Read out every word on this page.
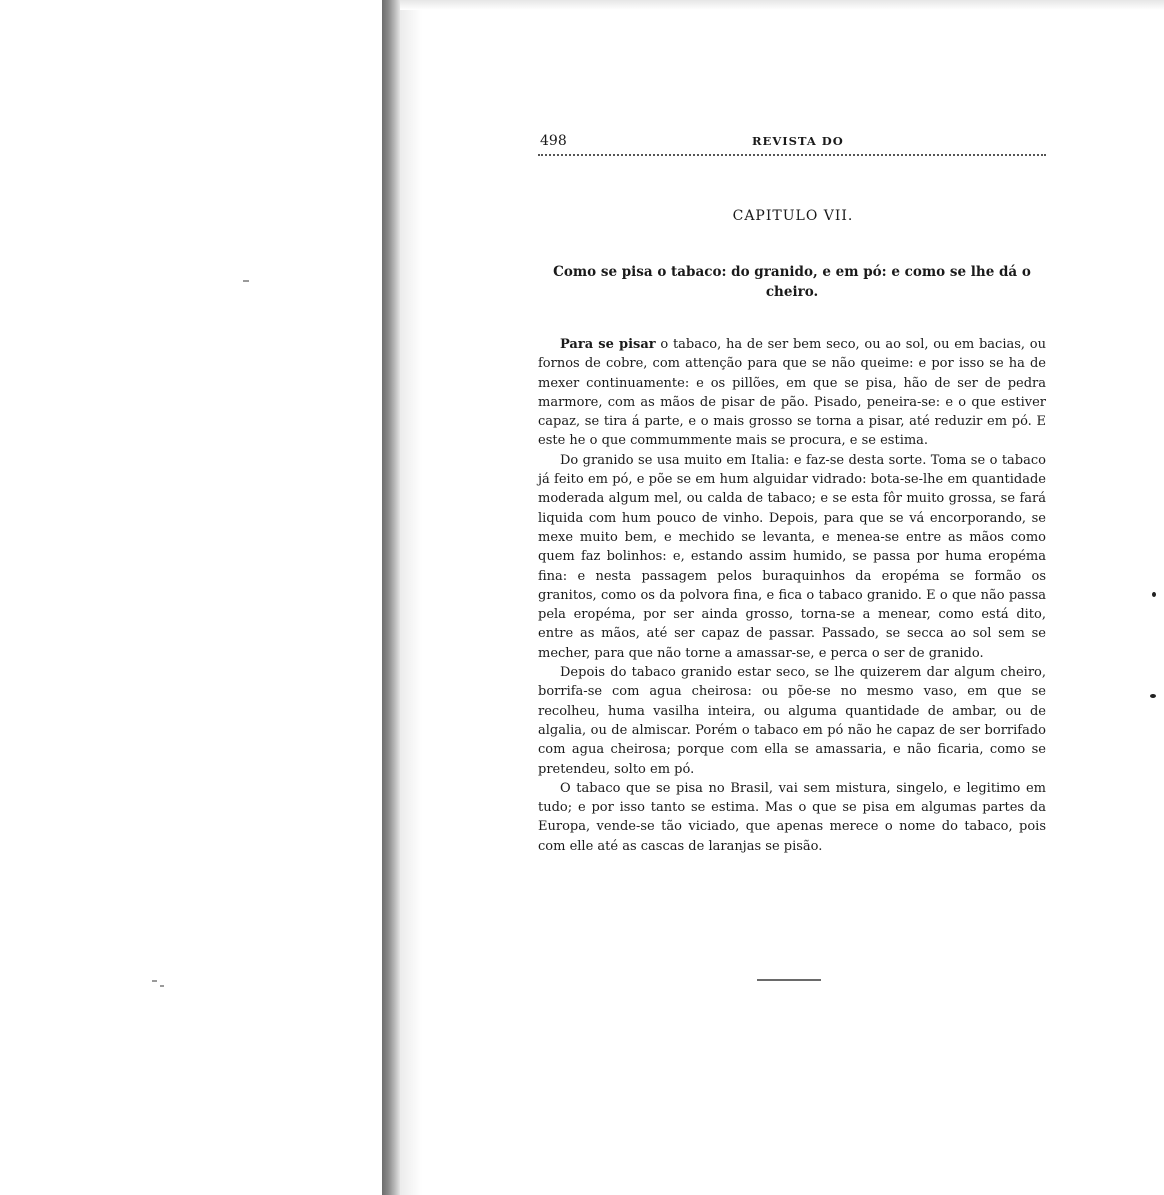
498	REVISTA DO
CAPITULO VII.
Como se pisa o tabaco: do granido, e em pó: e como se lhe dá o cheiro.

Para se pisar o tabaco, ha de ser bem seco, ou ao sol, ou em bacias, ou fornos de cobre, com attenção para que se não queime: e por isso se ha de mexer continuamente: e os pillões, em que se pisa, hão de ser de pedra marmore, com as mãos de pisar de pão. Pisado, peneira-se: e o que estiver capaz, se tira á parte, e o mais grosso se torna a pisar, até reduzir em pó. E este he o que commummente mais se procura, e se estima.

Do granido se usa muito em Italia: e faz-se desta sorte. Toma se o tabaco já feito em pó, e põe se em hum alguidar vidrado: bota-se-lhe em quantidade moderada algum mel, ou calda de tabaco; e se esta fôr muito grossa, se fará liquida com hum pouco de vinho. Depois, para que se vá encorporando, se mexe muito bem, e mechido se levanta, e menea-se entre as mãos como quem faz bolinhos: e, estando assim humido, se passa por huma eropéma fina: e nesta passagem pelos buraquinhos da eropéma se formão os granitos, como os da polvora fina, e fica o tabaco granido. E o que não passa pela eropéma, por ser ainda grosso, torna-se a menear, como está dito, entre as mãos, até ser capaz de passar. Passado, se secca ao sol sem se mecher, para que não torne a amassar-se, e perca o ser de granido.

Depois do tabaco granido estar seco, se lhe quizerem dar algum cheiro, borrifa-se com agua cheirosa: ou põe-se no mesmo vaso, em que se recolheu, huma vasilha inteira, ou alguma quantidade de ambar, ou de algalia, ou de almiscar. Porém o tabaco em pó não he capaz de ser borrifado com agua cheirosa; porque com ella se amassaria, e não ficaria, como se pretendeu, solto em pó.

O tabaco que se pisa no Brasil, vai sem mistura, singelo, e legitimo em tudo; e por isso tanto se estima. Mas o que se pisa em algumas partes da Europa, vende-se tão viciado, que apenas merece o nome do tabaco, pois com elle até as cascas de laranjas se pisão.
